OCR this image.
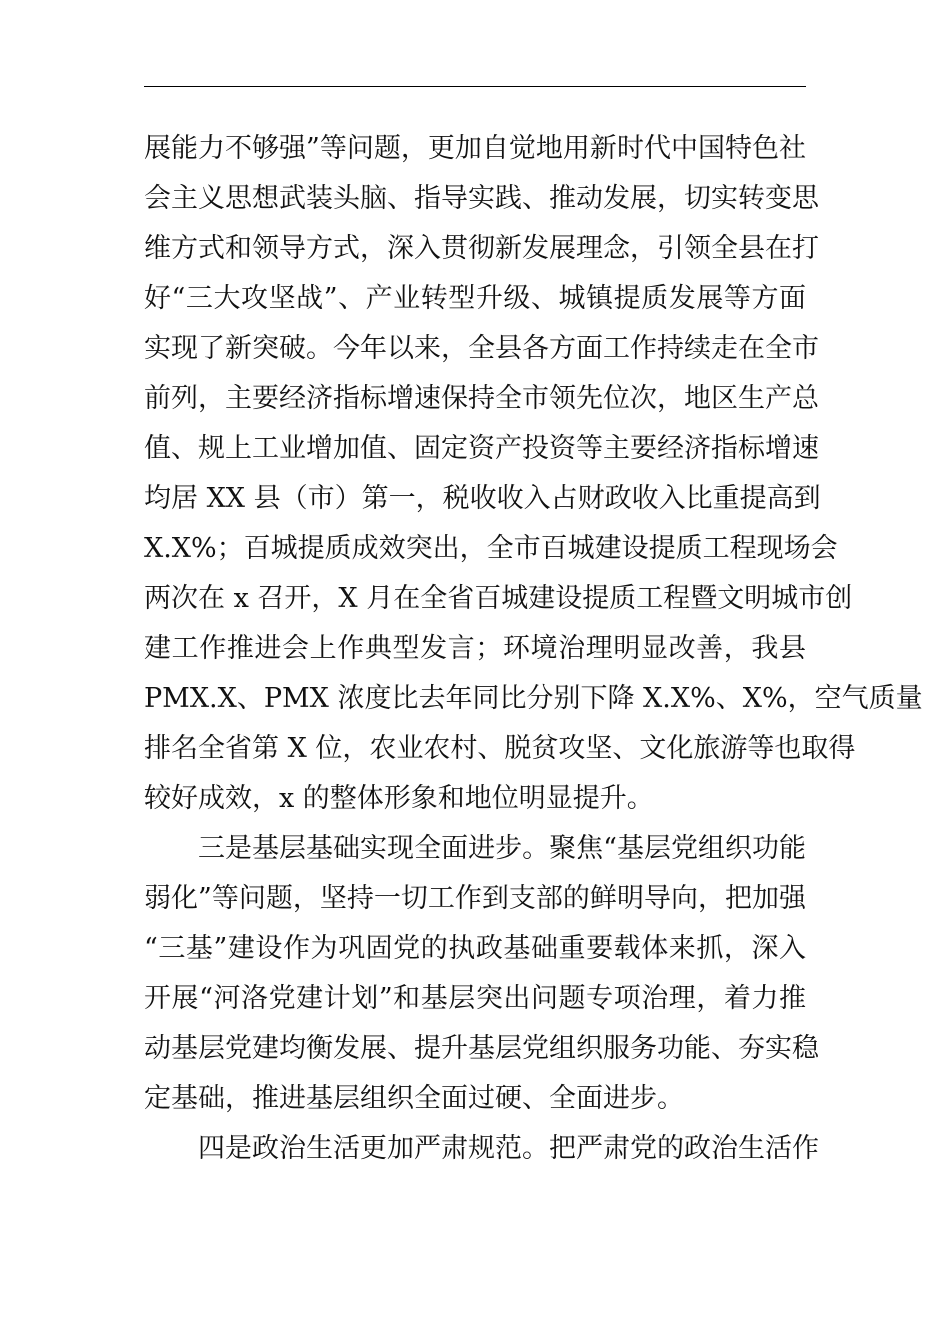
展能力不够强”等问题，更加自觉地用新时代中国特色社
会主义思想武装头脑、指导实践、推动发展，切实转变思
维方式和领导方式，深入贯彻新发展理念，引领全县在打
好“三大攻坚战”、产业转型升级、城镇提质发展等方面
实现了新突破。今年以来，全县各方面工作持续走在全市
前列，主要经济指标增速保持全市领先位次，地区生产总
值、规上工业增加值、固定资产投资等主要经济指标增速
均居 XX 县（市）第一，税收收入占财政收入比重提高到
X.X%；百城提质成效突出，全市百城建设提质工程现场会
两次在 x 召开，X 月在全省百城建设提质工程暨文明城市创
建工作推进会上作典型发言；环境治理明显改善，我县
PMX.X、PMX 浓度比去年同比分别下降 X.X%、X%，空气质量
排名全省第 X 位，农业农村、脱贫攻坚、文化旅游等也取得
较好成效，x 的整体形象和地位明显提升。
三是基层基础实现全面进步。聚焦“基层党组织功能
弱化”等问题，坚持一切工作到支部的鲜明导向，把加强
“三基”建设作为巩固党的执政基础重要载体来抓，深入
开展“河洛党建计划”和基层突出问题专项治理，着力推
动基层党建均衡发展、提升基层党组织服务功能、夯实稳
定基础，推进基层组织全面过硬、全面进步。
四是政治生活更加严肃规范。把严肃党的政治生活作
